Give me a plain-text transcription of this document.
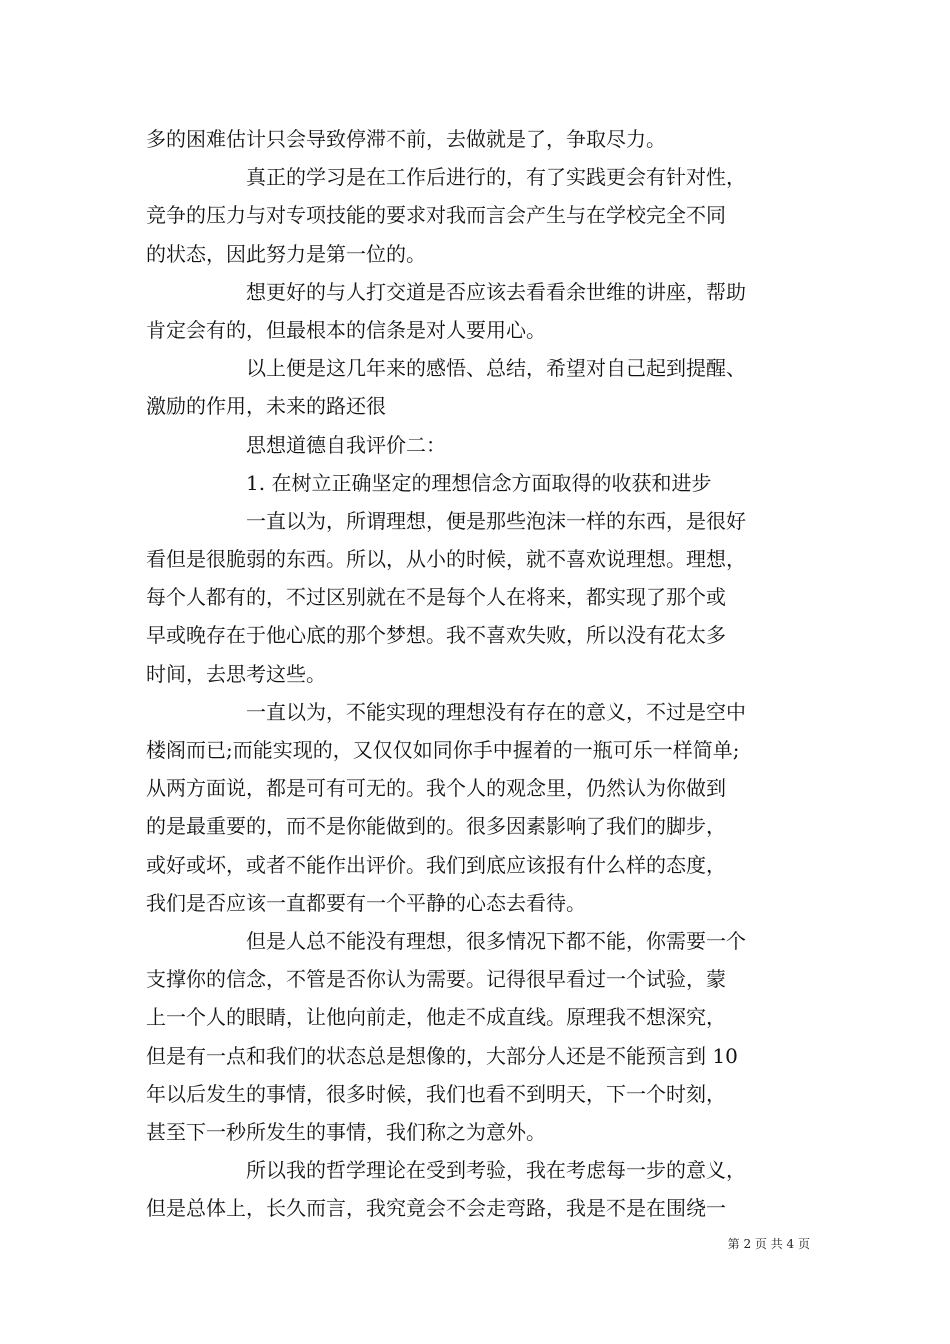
多的困难估计只会导致停滞不前，去做就是了，争取尽力。
真正的学习是在工作后进行的，有了实践更会有针对性，
竞争的压力与对专项技能的要求对我而言会产生与在学校完全不同
的状态，因此努力是第一位的。
想更好的与人打交道是否应该去看看余世维的讲座，帮助
肯定会有的，但最根本的信条是对人要用心。
以上便是这几年来的感悟、总结，希望对自己起到提醒、
激励的作用，未来的路还很
思想道德自我评价二：
1. 在树立正确坚定的理想信念方面取得的收获和进步
一直以为，所谓理想，便是那些泡沫一样的东西，是很好
看但是很脆弱的东西。所以，从小的时候，就不喜欢说理想。理想，
每个人都有的，不过区别就在不是每个人在将来，都实现了那个或
早或晚存在于他心底的那个梦想。我不喜欢失败，所以没有花太多
时间，去思考这些。
一直以为，不能实现的理想没有存在的意义，不过是空中
楼阁而已;而能实现的，又仅仅如同你手中握着的一瓶可乐一样简单;
从两方面说，都是可有可无的。我个人的观念里，仍然认为你做到
的是最重要的，而不是你能做到的。很多因素影响了我们的脚步，
或好或坏，或者不能作出评价。我们到底应该报有什么样的态度，
我们是否应该一直都要有一个平静的心态去看待。
但是人总不能没有理想，很多情况下都不能，你需要一个
支撑你的信念，不管是否你认为需要。记得很早看过一个试验，蒙
上一个人的眼睛，让他向前走，他走不成直线。原理我不想深究，
但是有一点和我们的状态总是想像的，大部分人还是不能预言到 10
年以后发生的事情，很多时候，我们也看不到明天，下一个时刻，
甚至下一秒所发生的事情，我们称之为意外。
所以我的哲学理论在受到考验，我在考虑每一步的意义，
但是总体上，长久而言，我究竟会不会走弯路，我是不是在围绕一
第 2 页 共 4 页
